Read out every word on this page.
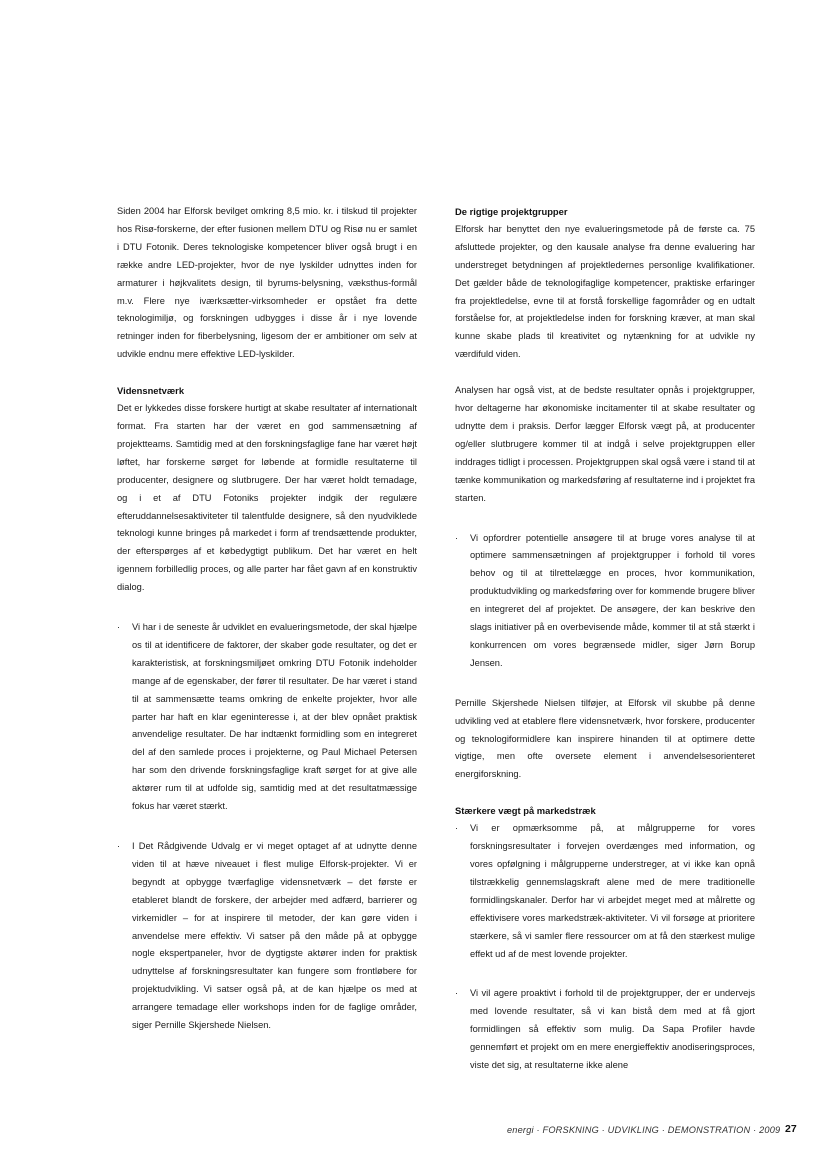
Siden 2004 har Elforsk bevilget omkring 8,5 mio. kr. i tilskud til projekter hos Risø-forskerne, der efter fusionen mellem DTU og Risø nu er samlet i DTU Fotonik. Deres teknologiske kompetencer bliver også brugt i en række andre LED-projekter, hvor de nye lyskilder udnyttes inden for armaturer i højkvalitets design, til byrums-belysning, væksthus-formål m.v. Flere nye iværksætter-virksomheder er opstået fra dette teknologimiljø, og forskningen udbygges i disse år i nye lovende retninger inden for fiberbelysning, ligesom der er ambitioner om selv at udvikle endnu mere effektive LED-lyskilder.

Vidensnetværk

Det er lykkedes disse forskere hurtigt at skabe resultater af internationalt format. Fra starten har der været en god sammensætning af projektteams. Samtidig med at den forskningsfaglige fane har været højt løftet, har forskerne sørget for løbende at formidle resultaterne til producenter, designere og slutbrugere. Der har været holdt temadage, og i et af DTU Fotoniks projekter indgik der regulære efteruddannelsesaktiviteter til talentfulde designere, så den nyudviklede teknologi kunne bringes på markedet i form af trendsættende produkter, der efterspørges af et købedygtigt publikum. Det har været en helt igennem forbilledlig proces, og alle parter har fået gavn af en konstruktiv dialog.

· Vi har i de seneste år udviklet en evalueringsmetode, der skal hjælpe os til at identificere de faktorer, der skaber gode resultater, og det er karakteristisk, at forskningsmiljøet omkring DTU Fotonik indeholder mange af de egenskaber, der fører til resultater. De har været i stand til at sammensætte teams omkring de enkelte projekter, hvor alle parter har haft en klar egeninteresse i, at der blev opnået praktisk anvendelige resultater. De har indtænkt formidling som en integreret del af den samlede proces i projekterne, og Paul Michael Petersen har som den drivende forskningsfaglige kraft sørget for at give alle aktører rum til at udfolde sig, samtidig med at det resultatmæssige fokus har været stærkt.
· I Det Rådgivende Udvalg er vi meget optaget af at udnytte denne viden til at hæve niveauet i flest mulige Elforsk-projekter. Vi er begyndt at opbygge tværfaglige vidensnetværk – det første er etableret blandt de forskere, der arbejder med adfærd, barrierer og virkemidler – for at inspirere til metoder, der kan gøre viden i anvendelse mere effektiv. Vi satser på den måde på at opbygge nogle ekspertpaneler, hvor de dygtigste aktører inden for praktisk udnyttelse af forskningsresultater kan fungere som frontløbere for projektudvikling. Vi satser også på, at de kan hjælpe os med at arrangere temadage eller workshops inden for de faglige områder, siger Pernille Skjershede Nielsen.
De rigtige projektgrupper

Elforsk har benyttet den nye evalueringsmetode på de første ca. 75 afsluttede projekter, og den kausale analyse fra denne evaluering har understreget betydningen af projektledernes personlige kvalifikationer. Det gælder både de teknologifaglige kompetencer, praktiske erfaringer fra projektledelse, evne til at forstå forskellige fagområder og en udtalt forståelse for, at projektledelse inden for forskning kræver, at man skal kunne skabe plads til kreativitet og nytænkning for at udvikle ny værdifuld viden.

Analysen har også vist, at de bedste resultater opnås i projektgrupper, hvor deltagerne har økonomiske incitamenter til at skabe resultater og udnytte dem i praksis. Derfor lægger Elforsk vægt på, at producenter og/eller slutbrugere kommer til at indgå i selve projektgruppen eller inddrages tidligt i processen. Projektgruppen skal også være i stand til at tænke kommunikation og markedsføring af resultaterne ind i projektet fra starten.

· Vi opfordrer potentielle ansøgere til at bruge vores analyse til at optimere sammensætningen af projektgrupper i forhold til vores behov og til at tilrettelægge en proces, hvor kommunikation, produktudvikling og markedsføring over for kommende brugere bliver en integreret del af projektet. De ansøgere, der kan beskrive den slags initiativer på en overbevisende måde, kommer til at stå stærkt i konkurrencen om vores begrænsede midler, siger Jørn Borup Jensen.

Pernille Skjershede Nielsen tilføjer, at Elforsk vil skubbe på denne udvikling ved at etablere flere vidensnetværk, hvor forskere, producenter og teknologiformidlere kan inspirere hinanden til at optimere dette vigtige, men ofte oversete element i anvendelsesorienteret energiforskning.

Stærkere vægt på markedstræk
· Vi er opmærksomme på, at målgrupperne for vores forskningsresultater i forvejen overdænges med information, og vores opfølgning i målgrupperne understreger, at vi ikke kan opnå tilstrækkelig gennemslagskraft alene med de mere traditionelle formidlingskanaler. Derfor har vi arbejdet meget med at målrette og effektivisere vores markedstræk-aktiviteter. Vi vil forsøge at prioritere stærkere, så vi samler flere ressourcer om at få den stærkest mulige effekt ud af de mest lovende projekter.
· Vi vil agere proaktivt i forhold til de projektgrupper, der er undervejs med lovende resultater, så vi kan bistå dem med at få gjort formidlingen så effektiv som mulig. Da Sapa Profiler havde gennemført et projekt om en mere energieffektiv anodiseringsproces, viste det sig, at resultaterne ikke alene
energi · FORSKNING · UDVIKLING · DEMONSTRATION · 2009 27
